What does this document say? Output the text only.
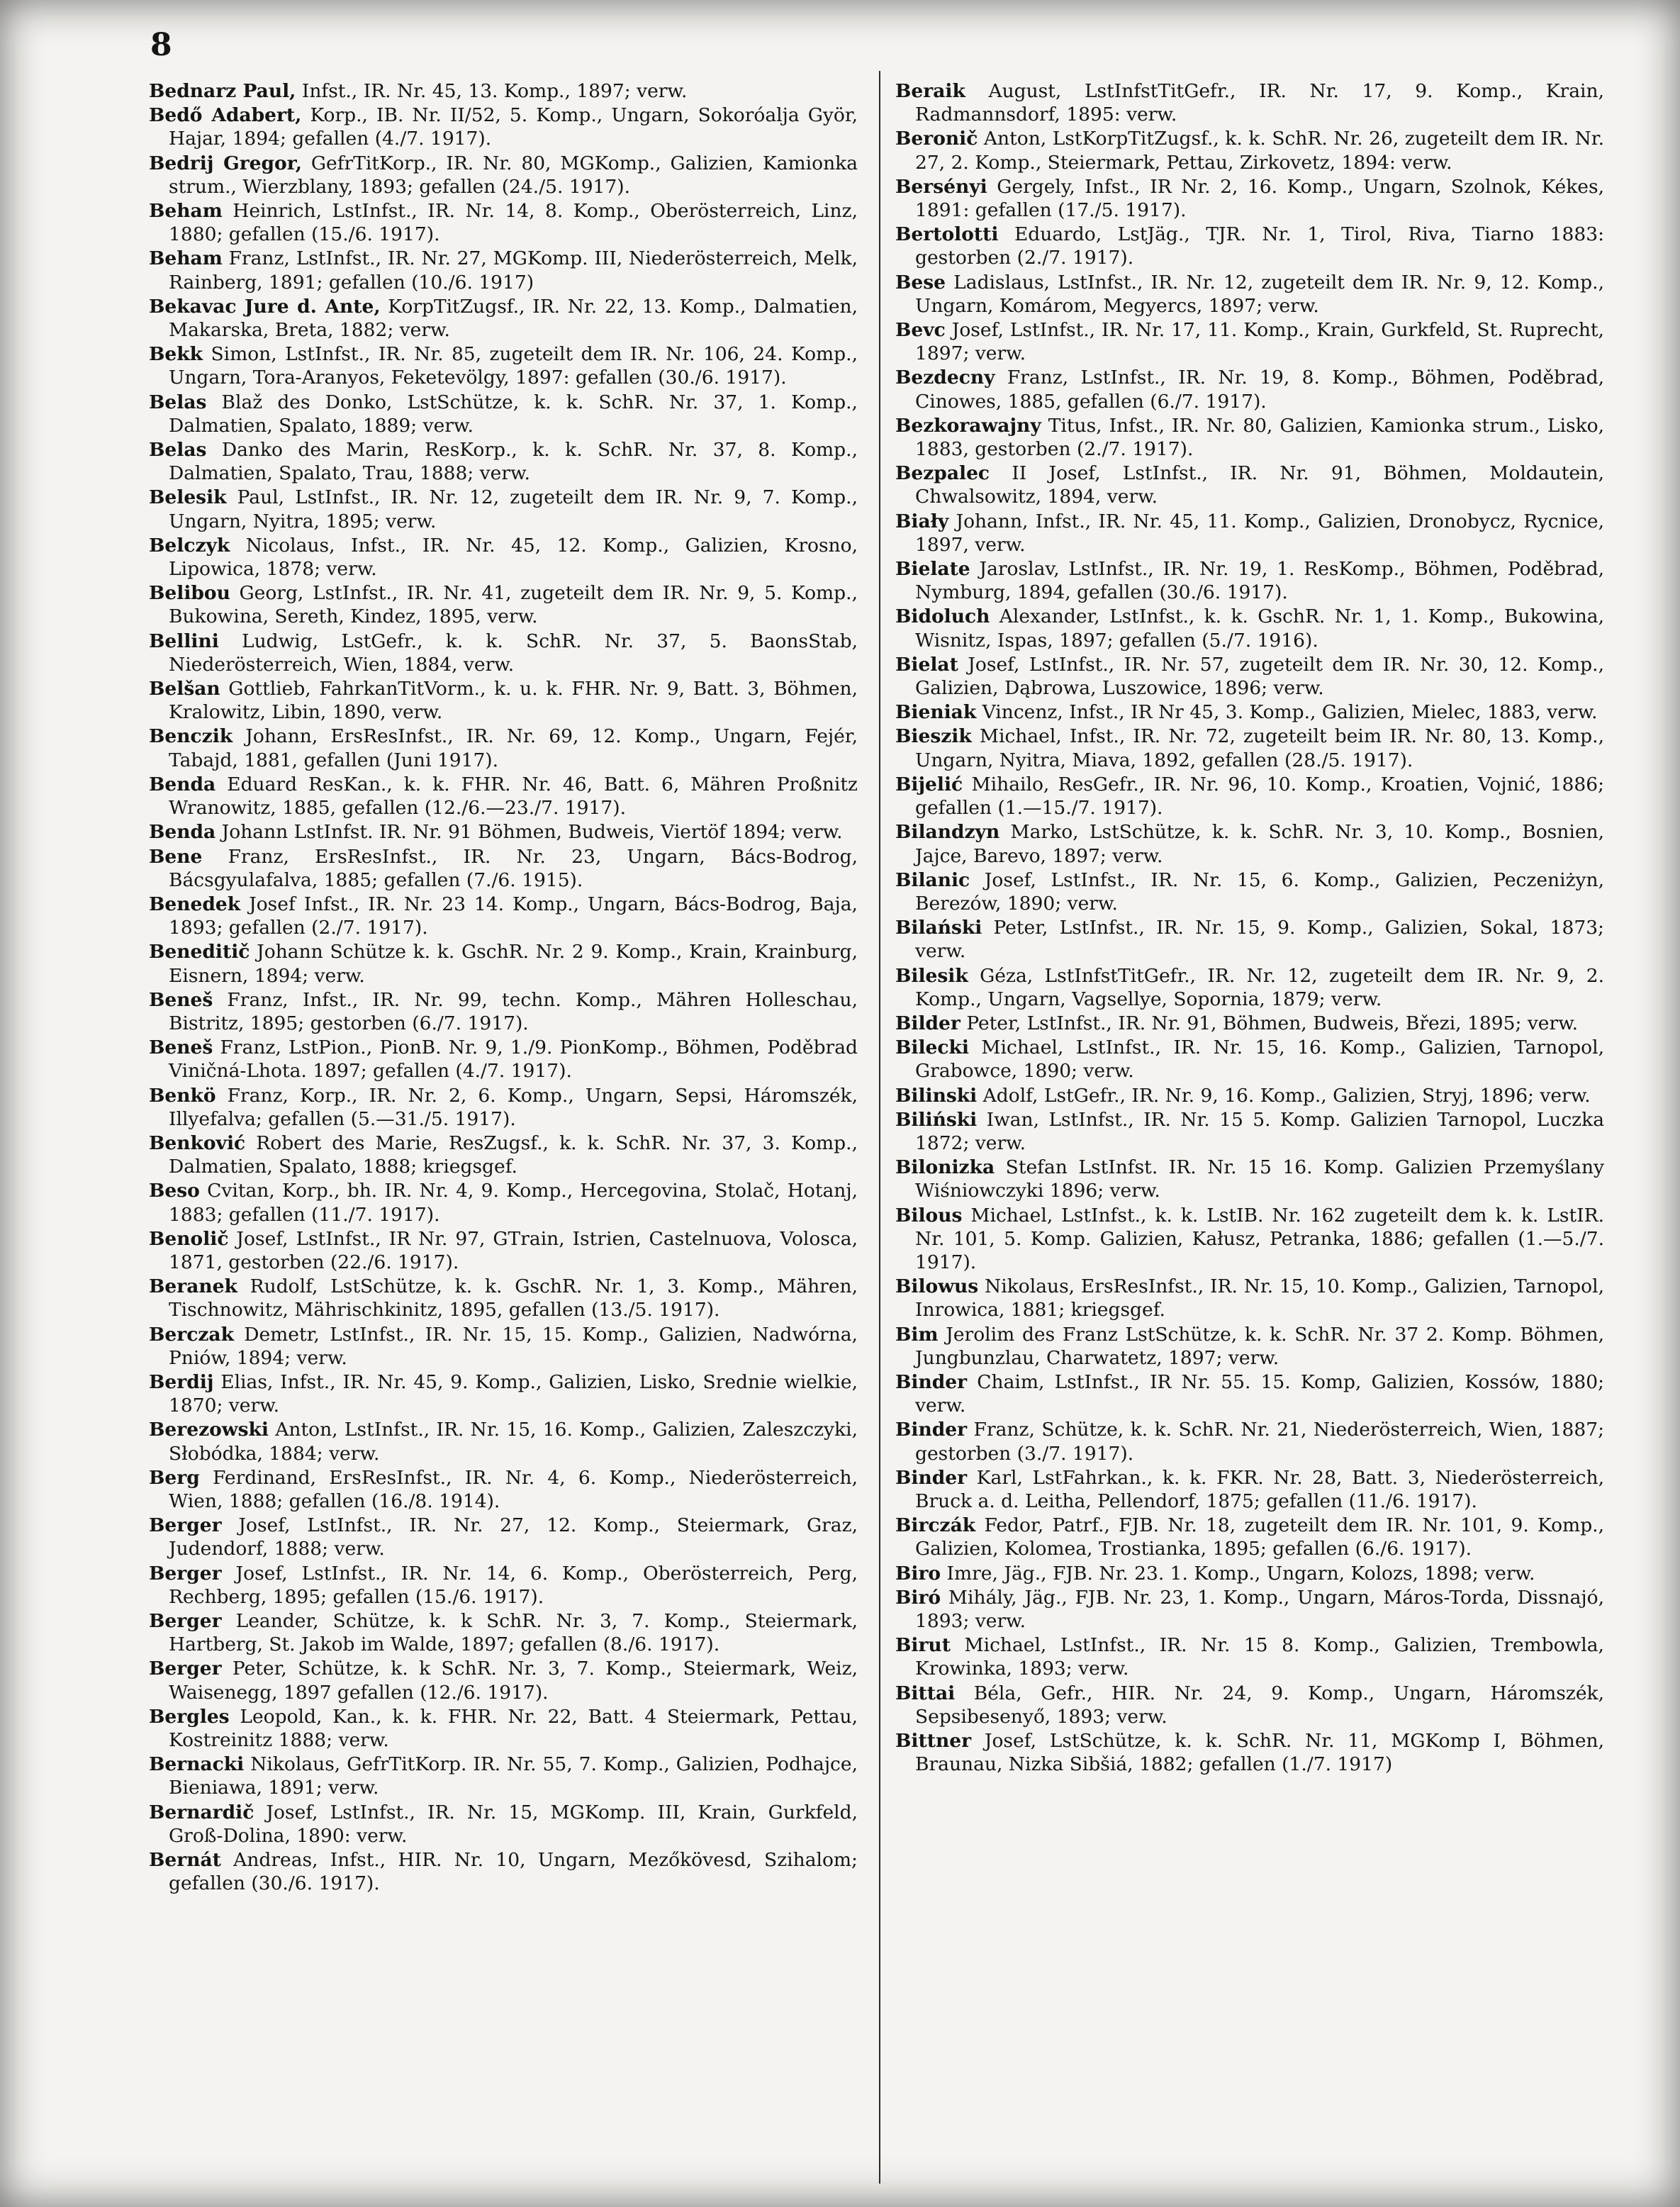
8

Bednarz Paul, Infst., IR. Nr. 45, 13. Komp., 1897; verw.

Bedő Adabert, Korp., IB. Nr. II/52, 5. Komp., Ungarn, Sokoróalja Györ, Hajar, 1894; gefallen (4./7. 1917).

Bedrij Gregor, GefrTitKorp., IR. Nr. 80, MGKomp., Galizien, Kamionka strum., Wierzblany, 1893; gefallen (24./5. 1917).

Beham Heinrich, LstInfst., IR. Nr. 14, 8. Komp., Oberösterreich, Linz, 1880; gefallen (15./6. 1917).

Beham Franz, LstInfst., IR. Nr. 27, MGKomp. III, Niederösterreich, Melk, Rainberg, 1891; gefallen (10./6. 1917)

Bekavac Jure d. Ante, KorpTitZugsf., IR. Nr. 22, 13. Komp., Dalmatien, Makarska, Breta, 1882; verw.

Bekk Simon, LstInfst., IR. Nr. 85, zugeteilt dem IR. Nr. 106, 24. Komp., Ungarn, Tora-Aranyos, Feketevölgy, 1897: gefallen (30./6. 1917).

Belas Blaž des Donko, LstSchütze, k. k. SchR. Nr. 37, 1. Komp., Dalmatien, Spalato, 1889; verw.

Belas Danko des Marin, ResKorp., k. k. SchR. Nr. 37, 8. Komp., Dalmatien, Spalato, Trau, 1888; verw.

Belesik Paul, LstInfst., IR. Nr. 12, zugeteilt dem IR. Nr. 9, 7. Komp., Ungarn, Nyitra, 1895; verw.

Belczyk Nicolaus, Infst., IR. Nr. 45, 12. Komp., Galizien, Krosno, Lipowica, 1878; verw.

Belibou Georg, LstInfst., IR. Nr. 41, zugeteilt dem IR. Nr. 9, 5. Komp., Bukowina, Sereth, Kindez, 1895, verw.

Bellini Ludwig, LstGefr., k. k. SchR. Nr. 37, 5. BaonsStab, Niederösterreich, Wien, 1884, verw.

Belšan Gottlieb, FahrkanTitVorm., k. u. k. FHR. Nr. 9, Batt. 3, Böhmen, Kralowitz, Libin, 1890, verw.

Benczik Johann, ErsResInfst., IR. Nr. 69, 12. Komp., Ungarn, Fejér, Tabajd, 1881, gefallen (Juni 1917).

Benda Eduard ResKan., k. k. FHR. Nr. 46, Batt. 6, Mähren Proßnitz Wranowitz, 1885, gefallen (12./6.—23./7. 1917).

Benda Johann LstInfst. IR. Nr. 91 Böhmen, Budweis, Viertöf 1894; verw.

Bene Franz, ErsResInfst., IR. Nr. 23, Ungarn, Bács-Bodrog, Bácsgyulafalva, 1885; gefallen (7./6. 1915).

Benedek Josef Infst., IR. Nr. 23 14. Komp., Ungarn, Bács-Bodrog, Baja, 1893; gefallen (2./7. 1917).

Beneditič Johann Schütze k. k. GschR. Nr. 2 9. Komp., Krain, Krainburg, Eisnern, 1894; verw.

Beneš Franz, Infst., IR. Nr. 99, techn. Komp., Mähren Holleschau, Bistritz, 1895; gestorben (6./7. 1917).

Beneš Franz, LstPion., PionB. Nr. 9, 1./9. PionKomp., Böhmen, Poděbrad Viničná-Lhota. 1897; gefallen (4./7. 1917).

Benkö Franz, Korp., IR. Nr. 2, 6. Komp., Ungarn, Sepsi, Háromszék, Illyefalva; gefallen (5.—31./5. 1917).

Benković Robert des Marie, ResZugsf., k. k. SchR. Nr. 37, 3. Komp., Dalmatien, Spalato, 1888; kriegsgef.

Beso Cvitan, Korp., bh. IR. Nr. 4, 9. Komp., Hercegovina, Stolač, Hotanj, 1883; gefallen (11./7. 1917).

Benolič Josef, LstInfst., IR Nr. 97, GTrain, Istrien, Castelnuova, Volosca, 1871, gestorben (22./6. 1917).

Beranek Rudolf, LstSchütze, k. k. GschR. Nr. 1, 3. Komp., Mähren, Tischnowitz, Mährischkinitz, 1895, gefallen (13./5. 1917).

Berczak Demetr, LstInfst., IR. Nr. 15, 15. Komp., Galizien, Nadwórna, Pniów, 1894; verw.

Berdij Elias, Infst., IR. Nr. 45, 9. Komp., Galizien, Lisko, Srednie wielkie, 1870; verw.

Berezowski Anton, LstInfst., IR. Nr. 15, 16. Komp., Galizien, Zaleszczyki, Słobódka, 1884; verw.

Berg Ferdinand, ErsResInfst., IR. Nr. 4, 6. Komp., Niederösterreich, Wien, 1888; gefallen (16./8. 1914).

Berger Josef, LstInfst., IR. Nr. 27, 12. Komp., Steiermark, Graz, Judendorf, 1888; verw.

Berger Josef, LstInfst., IR. Nr. 14, 6. Komp., Oberösterreich, Perg, Rechberg, 1895; gefallen (15./6. 1917).

Berger Leander, Schütze, k. k SchR. Nr. 3, 7. Komp., Steiermark, Hartberg, St. Jakob im Walde, 1897; gefallen (8./6. 1917).

Berger Peter, Schütze, k. k SchR. Nr. 3, 7. Komp., Steiermark, Weiz, Waisenegg, 1897 gefallen (12./6. 1917).

Bergles Leopold, Kan., k. k. FHR. Nr. 22, Batt. 4 Steiermark, Pettau, Kostreinitz 1888; verw.

Bernacki Nikolaus, GefrTitKorp. IR. Nr. 55, 7. Komp., Galizien, Podhajce, Bieniawa, 1891; verw.

Bernardič Josef, LstInfst., IR. Nr. 15, MGKomp. III, Krain, Gurkfeld, Groß-Dolina, 1890: verw.

Bernát Andreas, Infst., HIR. Nr. 10, Ungarn, Mezőkövesd, Szihalom; gefallen (30./6. 1917).

Beraik August, LstInfstTitGefr., IR. Nr. 17, 9. Komp., Krain, Radmannsdorf, 1895: verw.

Beronič Anton, LstKorpTitZugsf., k. k. SchR. Nr. 26, zugeteilt dem IR. Nr. 27, 2. Komp., Steiermark, Pettau, Zirkovetz, 1894: verw.

Bersényi Gergely, Infst., IR Nr. 2, 16. Komp., Ungarn, Szolnok, Kékes, 1891: gefallen (17./5. 1917).

Bertolotti Eduardo, LstJäg., TJR. Nr. 1, Tirol, Riva, Tiarno 1883: gestorben (2./7. 1917).

Bese Ladislaus, LstInfst., IR. Nr. 12, zugeteilt dem IR. Nr. 9, 12. Komp., Ungarn, Komárom, Megyercs, 1897; verw.

Bevc Josef, LstInfst., IR. Nr. 17, 11. Komp., Krain, Gurkfeld, St. Ruprecht, 1897; verw.

Bezdecny Franz, LstInfst., IR. Nr. 19, 8. Komp., Böhmen, Poděbrad, Cinowes, 1885, gefallen (6./7. 1917).

Bezkorawajny Titus, Infst., IR. Nr. 80, Galizien, Kamionka strum., Lisko, 1883, gestorben (2./7. 1917).

Bezpalec II Josef, LstInfst., IR. Nr. 91, Böhmen, Moldautein, Chwalsowitz, 1894, verw.

Biały Johann, Infst., IR. Nr. 45, 11. Komp., Galizien, Dronobycz, Rycnice, 1897, verw.

Bielate Jaroslav, LstInfst., IR. Nr. 19, 1. ResKomp., Böhmen, Poděbrad, Nymburg, 1894, gefallen (30./6. 1917).

Bidoluch Alexander, LstInfst., k. k. GschR. Nr. 1, 1. Komp., Bukowina, Wisnitz, Ispas, 1897; gefallen (5./7. 1916).

Bielat Josef, LstInfst., IR. Nr. 57, zugeteilt dem IR. Nr. 30, 12. Komp., Galizien, Dąbrowa, Luszowice, 1896; verw.

Bieniak Vincenz, Infst., IR Nr 45, 3. Komp., Galizien, Mielec, 1883, verw.

Bieszik Michael, Infst., IR. Nr. 72, zugeteilt beim IR. Nr. 80, 13. Komp., Ungarn, Nyitra, Miava, 1892, gefallen (28./5. 1917).

Bijelić Mihailo, ResGefr., IR. Nr. 96, 10. Komp., Kroatien, Vojnić, 1886; gefallen (1.—15./7. 1917).

Bilandzyn Marko, LstSchütze, k. k. SchR. Nr. 3, 10. Komp., Bosnien, Jajce, Barevo, 1897; verw.

Bilanic Josef, LstInfst., IR. Nr. 15, 6. Komp., Galizien, Peczeniżyn, Berezów, 1890; verw.

Bilański Peter, LstInfst., IR. Nr. 15, 9. Komp., Galizien, Sokal, 1873; verw.

Bilesik Géza, LstInfstTitGefr., IR. Nr. 12, zugeteilt dem IR. Nr. 9, 2. Komp., Ungarn, Vagsellye, Sopornia, 1879; verw.

Bilder Peter, LstInfst., IR. Nr. 91, Böhmen, Budweis, Březi, 1895; verw.

Bilecki Michael, LstInfst., IR. Nr. 15, 16. Komp., Galizien, Tarnopol, Grabowce, 1890; verw.

Bilinski Adolf, LstGefr., IR. Nr. 9, 16. Komp., Galizien, Stryj, 1896; verw.

Biliński Iwan, LstInfst., IR. Nr. 15 5. Komp. Galizien Tarnopol, Luczka 1872; verw.

Bilonizka Stefan LstInfst. IR. Nr. 15 16. Komp. Galizien Przemyślany Wiśniowczyki 1896; verw.

Bilous Michael, LstInfst., k. k. LstIB. Nr. 162 zugeteilt dem k. k. LstIR. Nr. 101, 5. Komp. Galizien, Kałusz, Petranka, 1886; gefallen (1.—5./7. 1917).

Bilowus Nikolaus, ErsResInfst., IR. Nr. 15, 10. Komp., Galizien, Tarnopol, Inrowica, 1881; kriegsgef.

Bim Jerolim des Franz LstSchütze, k. k. SchR. Nr. 37 2. Komp. Böhmen, Jungbunzlau, Charwatetz, 1897; verw.

Binder Chaim, LstInfst., IR Nr. 55. 15. Komp, Galizien, Kossów, 1880; verw.

Binder Franz, Schütze, k. k. SchR. Nr. 21, Niederösterreich, Wien, 1887; gestorben (3./7. 1917).

Binder Karl, LstFahrkan., k. k. FKR. Nr. 28, Batt. 3, Niederösterreich, Bruck a. d. Leitha, Pellendorf, 1875; gefallen (11./6. 1917).

Birczák Fedor, Patrf., FJB. Nr. 18, zugeteilt dem IR. Nr. 101, 9. Komp., Galizien, Kolomea, Trostianka, 1895; gefallen (6./6. 1917).

Biro Imre, Jäg., FJB. Nr. 23. 1. Komp., Ungarn, Kolozs, 1898; verw.

Biró Mihály, Jäg., FJB. Nr. 23, 1. Komp., Ungarn, Máros-Torda, Dissnajó, 1893; verw.

Birut Michael, LstInfst., IR. Nr. 15 8. Komp., Galizien, Trembowla, Krowinka, 1893; verw.

Bittai Béla, Gefr., HIR. Nr. 24, 9. Komp., Ungarn, Háromszék, Sepsibesenyő, 1893; verw.

Bittner Josef, LstSchütze, k. k. SchR. Nr. 11, MGKomp I, Böhmen, Braunau, Nizka Sibšiá, 1882; gefallen (1./7. 1917)
